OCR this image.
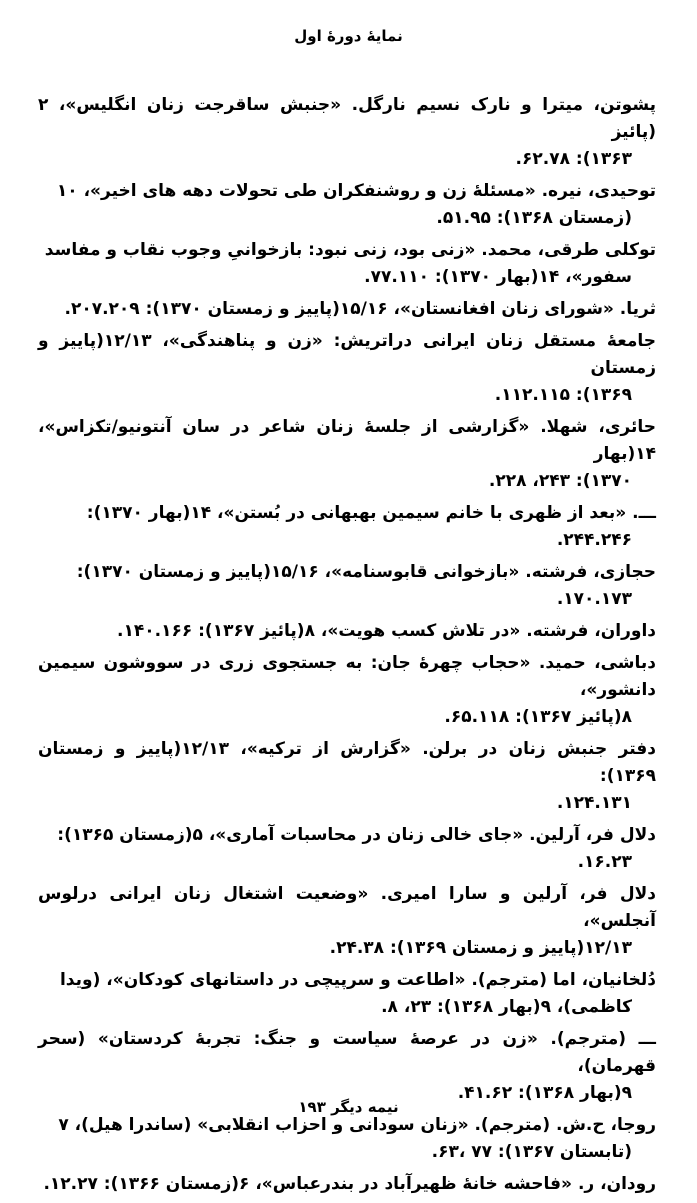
نمایهٔ دورهٔ اول
پشوتن، میترا و نارک نسیم نارگل. «جنبش ساقرجت زنان انگلیس»، ۲ (پائیز
۱۳۶۳): ۶۲.۷۸.
توحیدی، نیره. «مسئلهٔ زن و روشنفکران طی تحولات دهه های اخیر»، ۱۰
(زمستان ۱۳۶۸): ۵۱.۹۵.
توکلی طرقی، محمد. «زنی بود، زنی نبود: بازخوانیِ وجوب نقاب و مفاسد
سفور»، ۱۴(بهار ۱۳۷۰): ۷۷.۱۱۰.
ثریا. «شورای زنان افغانستان»، ۱۵/۱۶(پاییز و زمستان ۱۳۷۰): ۲۰۷.۲۰۹.
جامعهٔ مستقل زنان ایرانی دراتریش: «زن و پناهندگی»، ۱۲/۱۳(پاییز و زمستان
۱۳۶۹): ۱۱۲.۱۱۵.
حائری، شهلا. «گزارشی از جلسهٔ زنان شاعر در سان آنتونیو/تکزاس»، ۱۴(بهار
۱۳۷۰): ۲۴۳، ۲۲۸.
ـــ. «بعد از ظهری با خانم سیمین بهبهانی در بُستن»، ۱۴(بهار ۱۳۷۰):
۲۴۴.۲۴۶.
حجازی، فرشته. «بازخوانی قابوسنامه»، ۱۵/۱۶(پاییز و زمستان ۱۳۷۰):
۱۷۰.۱۷۳.
داوران، فرشته. «در تلاش کسب هویت»، ۸(پائیز ۱۳۶۷): ۱۴۰.۱۶۶.
دباشی، حمید. «حجاب چهرهٔ جان: به جستجوی زری در سووشون سیمین دانشور»،
۸(پائیز ۱۳۶۷): ۶۵.۱۱۸.
دفتر جنبش زنان در برلن. «گزارش از ترکیه»، ۱۲/۱۳(پاییز و زمستان ۱۳۶۹):
۱۲۴.۱۳۱.
دلال فر، آرلین. «جای خالی زنان در محاسبات آماری»، ۵(زمستان ۱۳۶۵):
۱۶.۲۳.
دلال فر، آرلین و سارا امیری. «وضعیت اشتغال زنان ایرانی درلوس آنجلس»،
۱۲/۱۳(پاییز و زمستان ۱۳۶۹): ۲۴.۳۸.
دُلخانیان، اما (مترجم). «اطاعت و سرپیچی در داستانهای کودکان»، (ویدا
کاظمی)، ۹(بهار ۱۳۶۸): ۲۳، ۸.
ـــ (مترجم). «زن در عرصهٔ سیاست و جنگ: تجربهٔ کردستان» (سحر قهرمان)،
۹(بهار ۱۳۶۸): ۴۱.۶۲.
روجا، ح.ش. (مترجم). «زنان سودانی و احزاب انقلابی» (ساندرا هیل)، ۷
(تابستان ۱۳۶۷): ۷۷ ،۶۳.
رودان، ر. «فاحشه خانهٔ ظهیرآباد در بندرعباس»، ۶(زمستان ۱۳۶۶): ۱۲.۲۷.
نیمه دیگر ۱۹۳
